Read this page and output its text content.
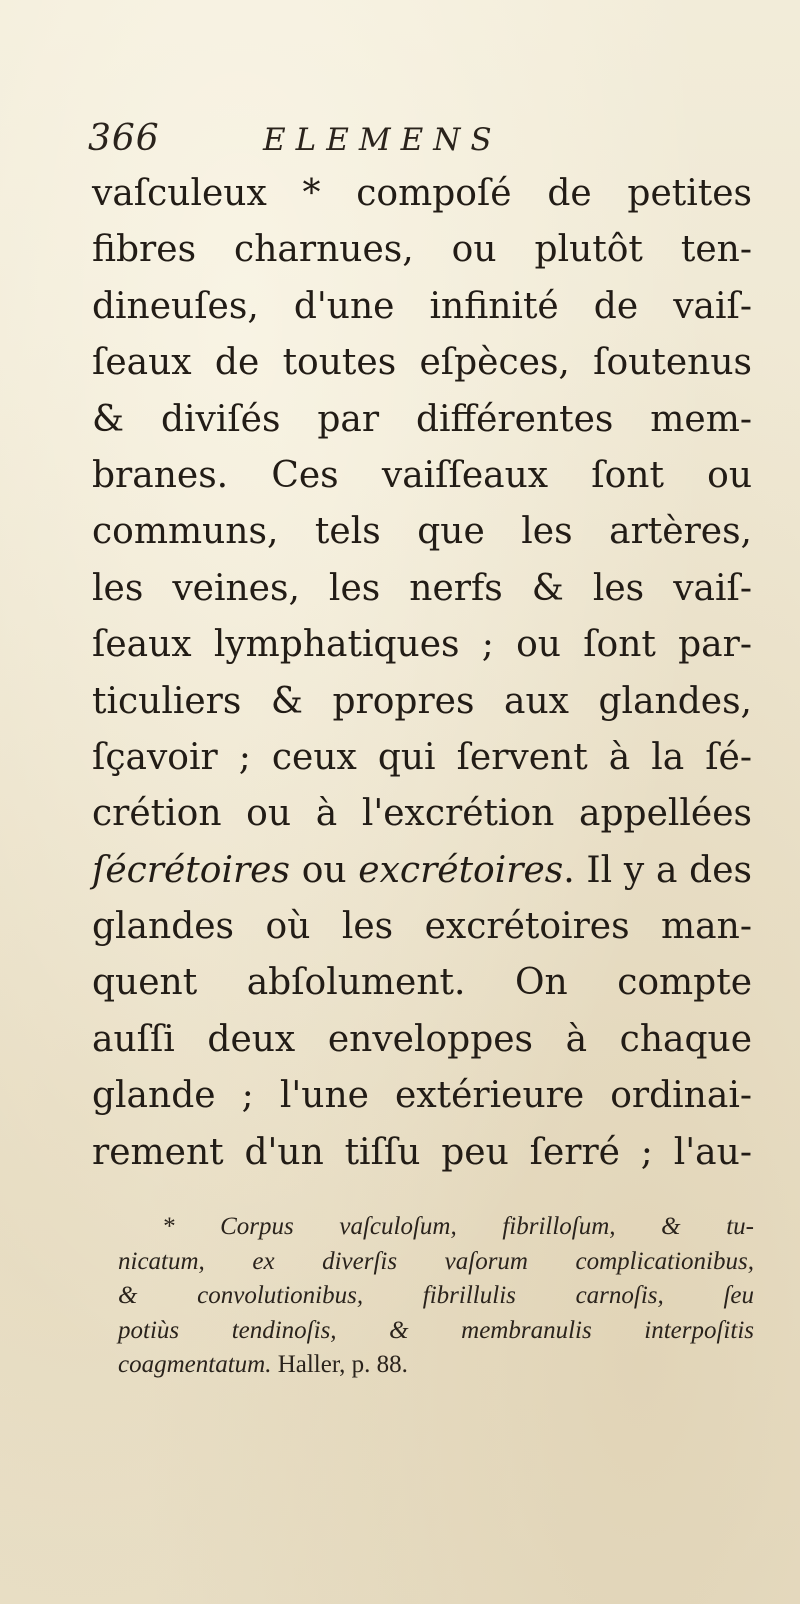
366	ELEMENS
vaſculeux * compoſé de petites
fibres charnues, ou plutôt ten-
dineuſes, d'une infinité de vaiſ-
ſeaux de toutes eſpèces, ſoutenus
& diviſés par différentes mem-
branes. Ces vaiſſeaux ſont ou
communs, tels que les artères,
les veines, les nerfs & les vaiſ-
ſeaux lymphatiques ; ou ſont par-
ticuliers & propres aux glandes,
ſçavoir ; ceux qui ſervent à la ſé-
crétion ou à l'excrétion appellées
ſécrétoires ou excrétoires. Il y a des
glandes où les excrétoires man-
quent abſolument. On compte
auſſi deux enveloppes à chaque
glande ; l'une extérieure ordinai-
rement d'un tiſſu peu ſerré ; l'au-
* Corpus vaſculoſum, fibrilloſum, & tu-
nicatum, ex diverſis vaſorum complicationibus,
& convolutionibus, fibrillulis carnoſis, ſeu
potiùs tendinoſis, & membranulis interpoſitis
coagmentatum. Haller, p. 88.
